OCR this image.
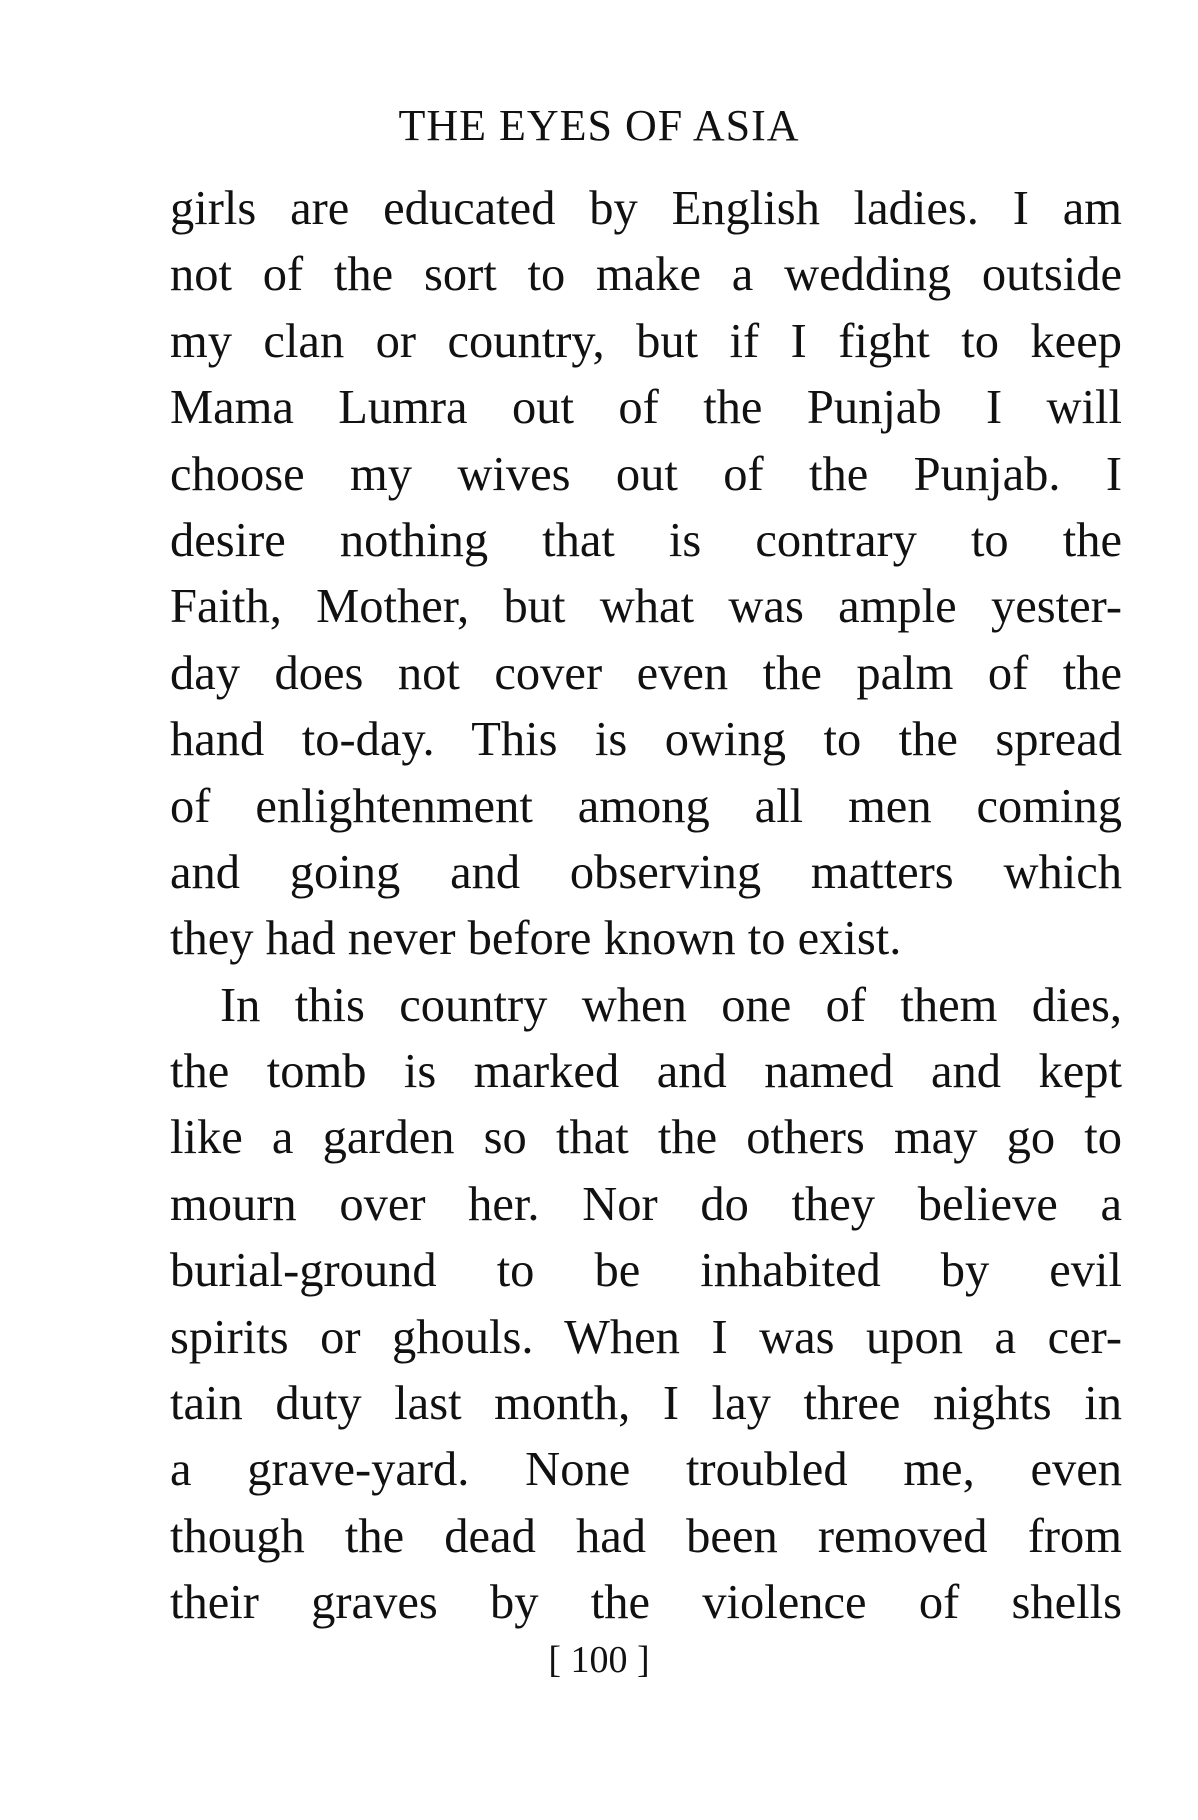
THE EYES OF ASIA
girls are educated by English ladies. I am
not of the sort to make a wedding outside
my clan or country, but if I fight to keep
Mama Lumra out of the Punjab I will
choose my wives out of the Punjab. I
desire nothing that is contrary to the
Faith, Mother, but what was ample yester-
day does not cover even the palm of the
hand to-day. This is owing to the spread
of enlightenment among all men coming
and going and observing matters which
they had never before known to exist.
In this country when one of them dies,
the tomb is marked and named and kept
like a garden so that the others may go to
mourn over her. Nor do they believe a
burial-ground to be inhabited by evil
spirits or ghouls. When I was upon a cer-
tain duty last month, I lay three nights in
a grave-yard. None troubled me, even
though the dead had been removed from
their graves by the violence of shells
[ 100 ]
